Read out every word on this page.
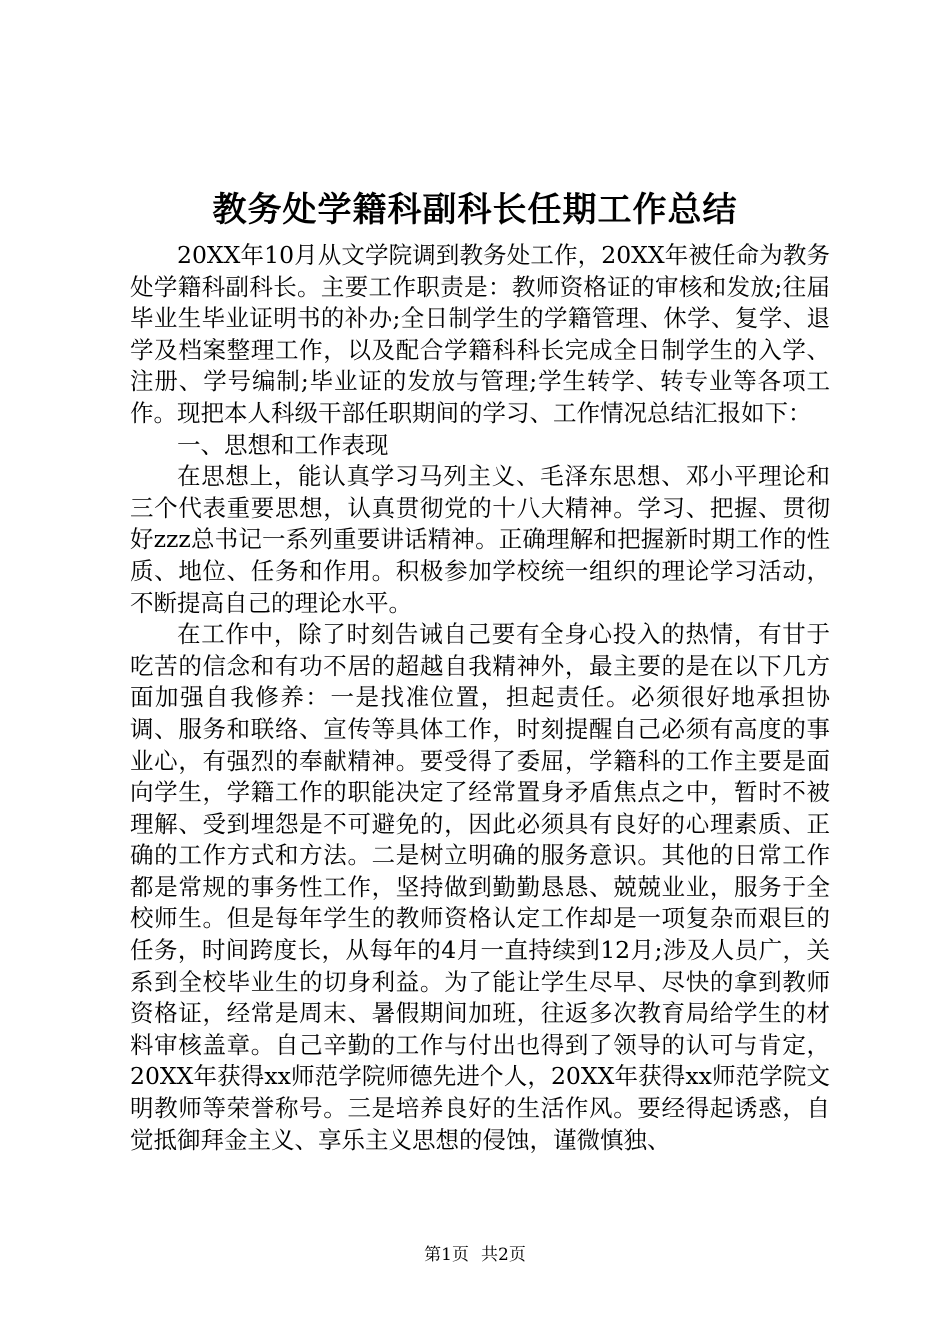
教务处学籍科副科长任期工作总结

20XX年10月从文学院调到教务处工作，20XX年被任命为教务处学籍科副科长。主要工作职责是：教师资格证的审核和发放;往届毕业生毕业证明书的补办;全日制学生的学籍管理、休学、复学、退学及档案整理工作，以及配合学籍科科长完成全日制学生的入学、注册、学号编制;毕业证的发放与管理;学生转学、转专业等各项工作。现把本人科级干部任职期间的学习、工作情况总结汇报如下：

一、思想和工作表现

在思想上，能认真学习马列主义、毛泽东思想、邓小平理论和三个代表重要思想，认真贯彻党的十八大精神。学习、把握、贯彻好zzz总书记一系列重要讲话精神。正确理解和把握新时期工作的性质、地位、任务和作用。积极参加学校统一组织的理论学习活动，不断提高自己的理论水平。

在工作中，除了时刻告诫自己要有全身心投入的热情，有甘于吃苦的信念和有功不居的超越自我精神外，最主要的是在以下几方面加强自我修养：一是找准位置，担起责任。必须很好地承担协调、服务和联络、宣传等具体工作，时刻提醒自己必须有高度的事业心，有强烈的奉献精神。要受得了委屈，学籍科的工作主要是面向学生，学籍工作的职能决定了经常置身矛盾焦点之中，暂时不被理解、受到埋怨是不可避免的，因此必须具有良好的心理素质、正确的工作方式和方法。二是树立明确的服务意识。其他的日常工作都是常规的事务性工作，坚持做到勤勤恳恳、兢兢业业，服务于全校师生。但是每年学生的教师资格认定工作却是一项复杂而艰巨的任务，时间跨度长，从每年的4月一直持续到12月;涉及人员广，关系到全校毕业生的切身利益。为了能让学生尽早、尽快的拿到教师资格证，经常是周末、暑假期间加班，往返多次教育局给学生的材料审核盖章。自己辛勤的工作与付出也得到了领导的认可与肯定，20XX年获得xx师范学院师德先进个人，20XX年获得xx师范学院文明教师等荣誉称号。三是培养良好的生活作风。要经得起诱惑，自觉抵御拜金主义、享乐主义思想的侵蚀，谨微慎独、

第1页 共2页
